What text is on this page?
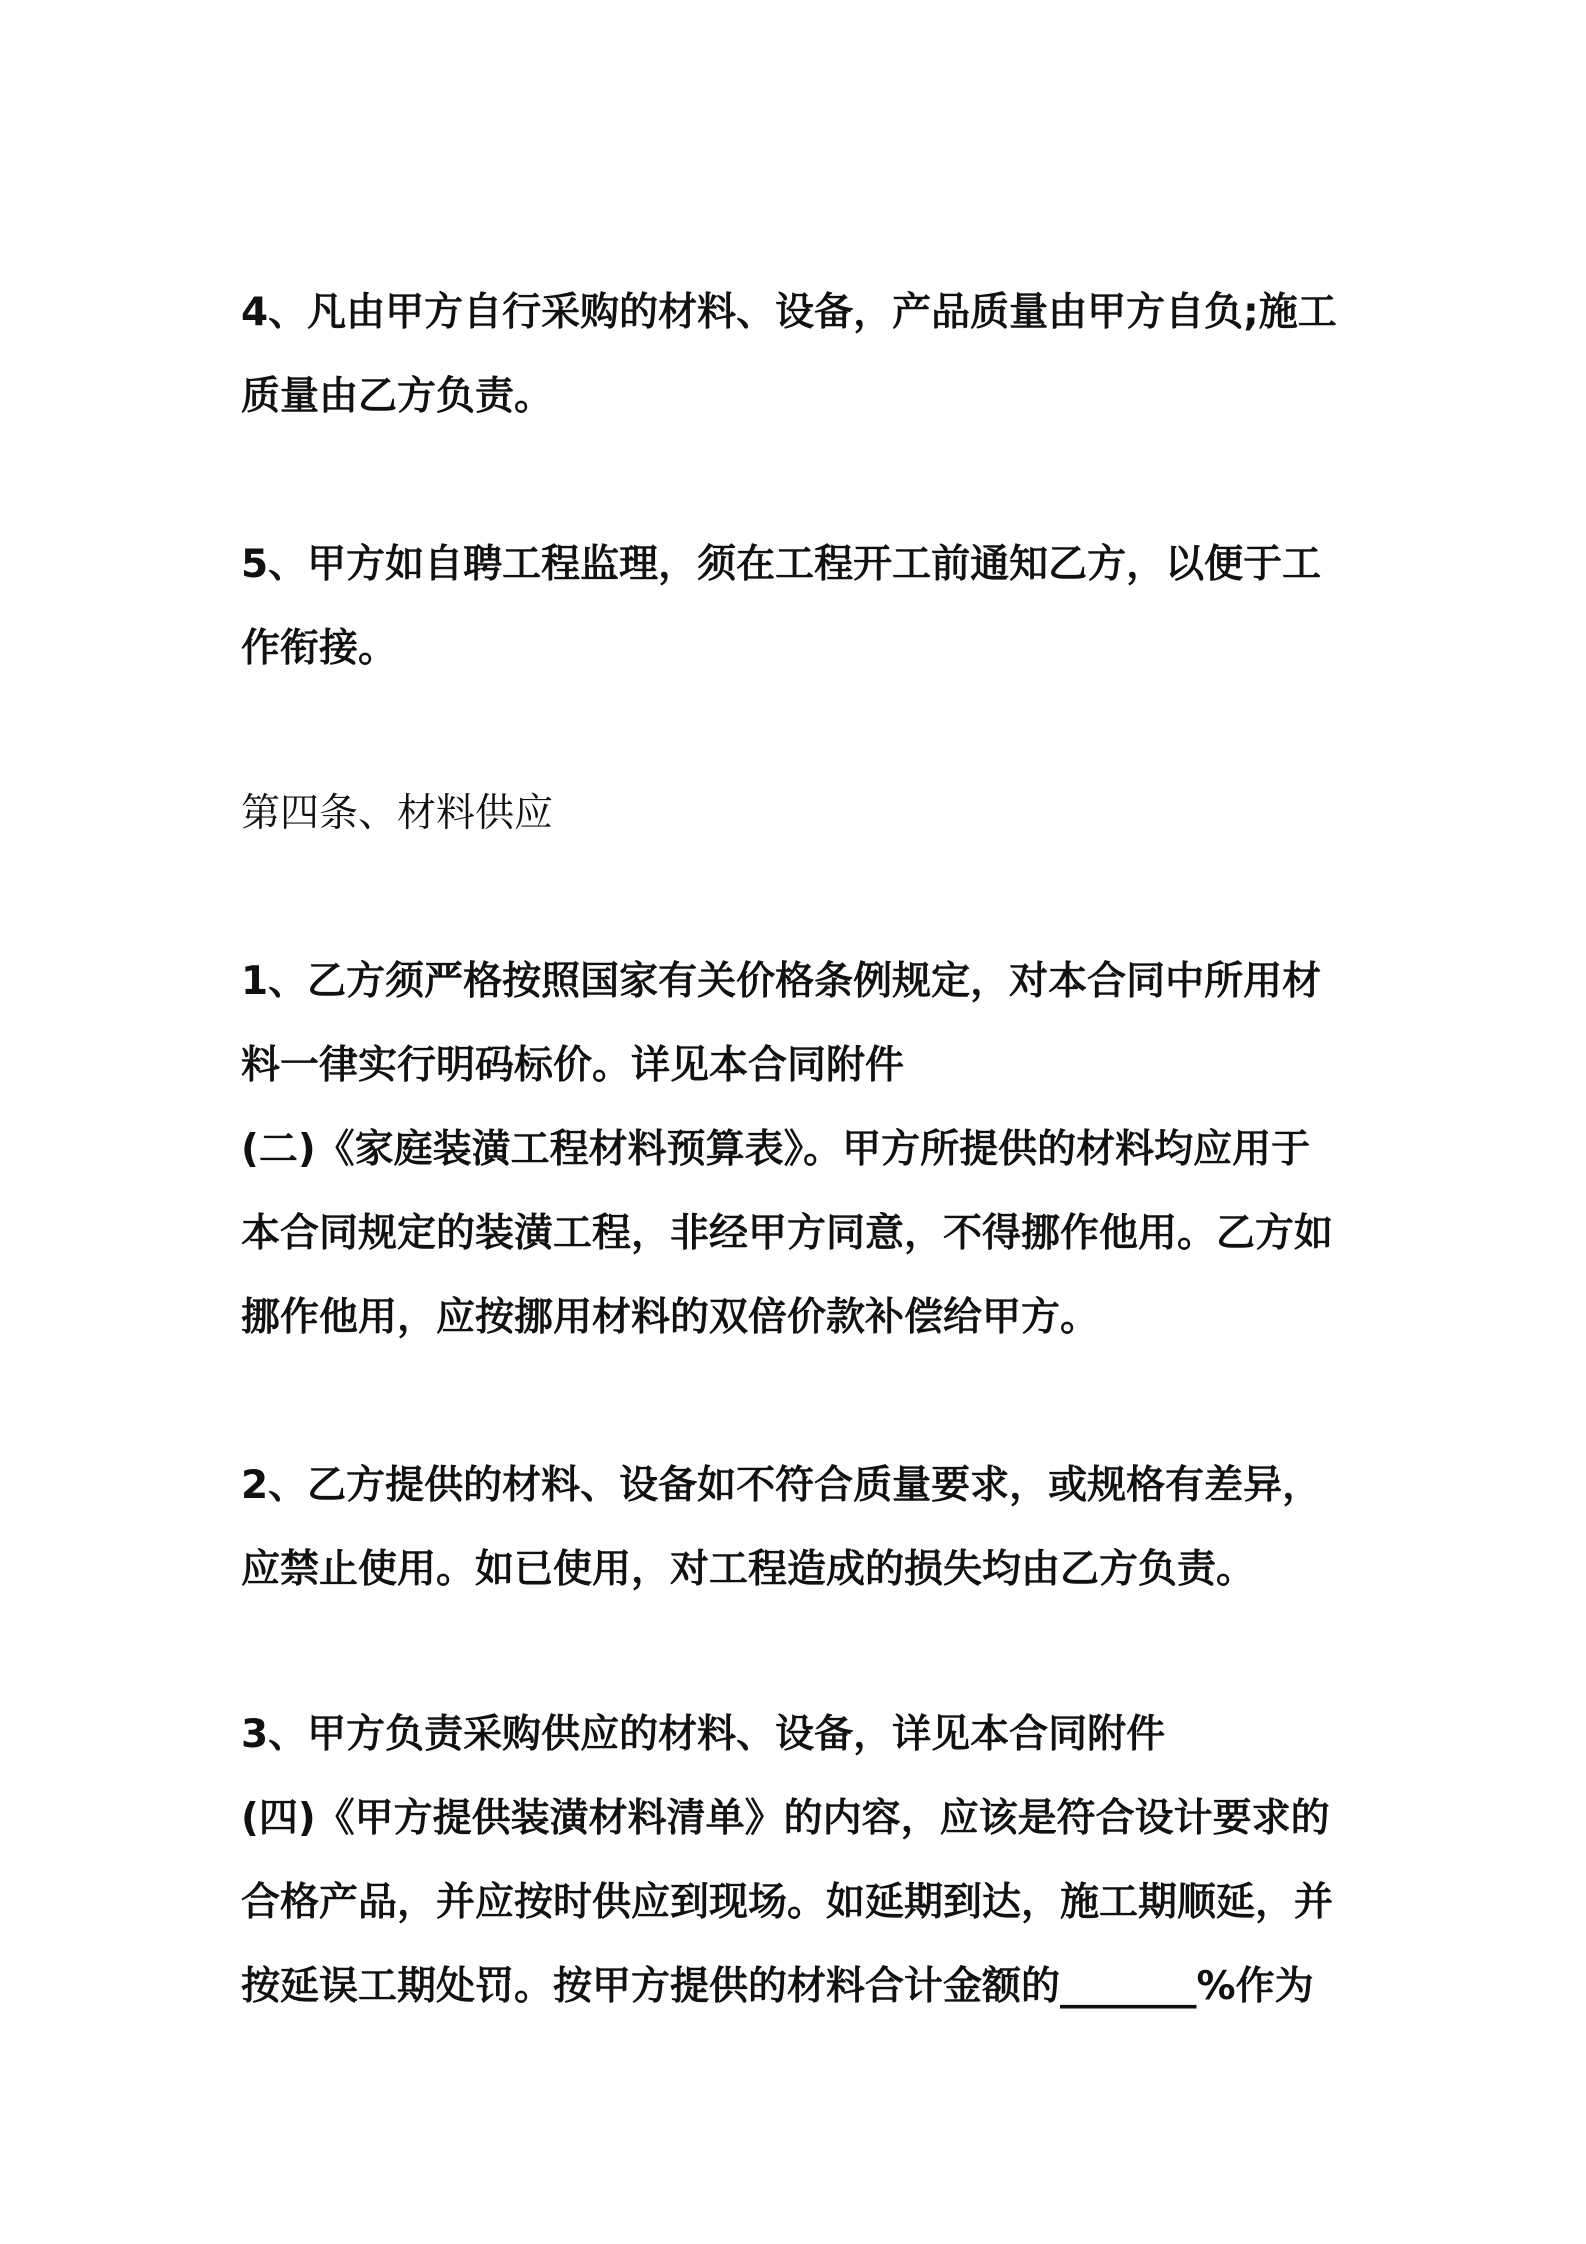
4、凡由甲方自行采购的材料、设备，产品质量由甲方自负;施工
质量由乙方负责。
5、甲方如自聘工程监理，须在工程开工前通知乙方，以便于工
作衔接。
第四条、材料供应
1、乙方须严格按照国家有关价格条例规定，对本合同中所用材
料一律实行明码标价。详见本合同附件
(二)《家庭装潢工程材料预算表》。甲方所提供的材料均应用于
本合同规定的装潢工程，非经甲方同意，不得挪作他用。乙方如
挪作他用，应按挪用材料的双倍价款补偿给甲方。
2、乙方提供的材料、设备如不符合质量要求，或规格有差异，
应禁止使用。如已使用，对工程造成的损失均由乙方负责。
3、甲方负责采购供应的材料、设备，详见本合同附件
(四)《甲方提供装潢材料清单》的内容，应该是符合设计要求的
合格产品，并应按时供应到现场。如延期到达，施工期顺延，并
按延误工期处罚。按甲方提供的材料合计金额的_______%作为
